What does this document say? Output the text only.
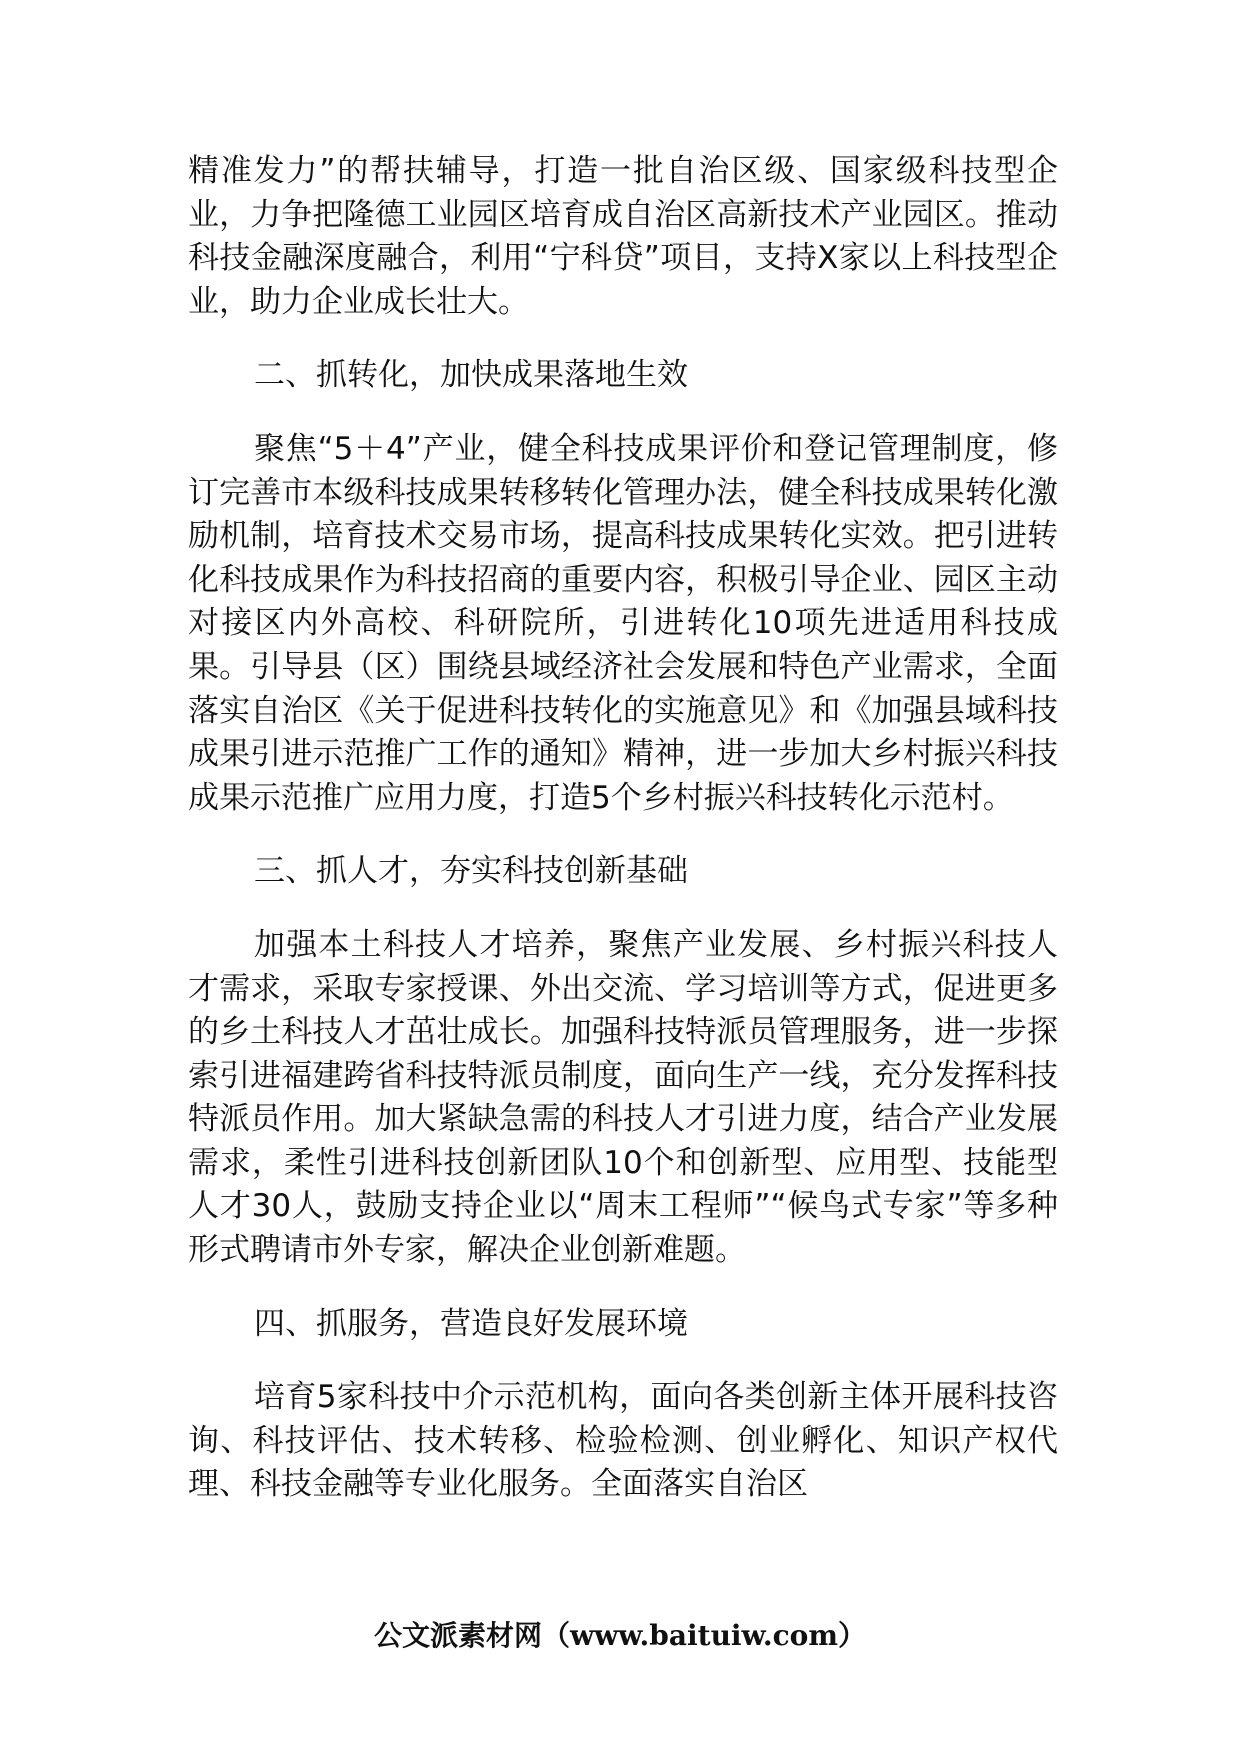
精准发力”的帮扶辅导，打造一批自治区级、国家级科技型企业，力争把隆德工业园区培育成自治区高新技术产业园区。推动科技金融深度融合，利用“宁科贷”项目，支持X家以上科技型企业，助力企业成长壮大。

二、抓转化，加快成果落地生效

聚焦“5＋4”产业，健全科技成果评价和登记管理制度，修订完善市本级科技成果转移转化管理办法，健全科技成果转化激励机制，培育技术交易市场，提高科技成果转化实效。把引进转化科技成果作为科技招商的重要内容，积极引导企业、园区主动对接区内外高校、科研院所，引进转化10项先进适用科技成果。引导县（区）围绕县域经济社会发展和特色产业需求，全面落实自治区《关于促进科技转化的实施意见》和《加强县域科技成果引进示范推广工作的通知》精神，进一步加大乡村振兴科技成果示范推广应用力度，打造5个乡村振兴科技转化示范村。

三、抓人才，夯实科技创新基础

加强本土科技人才培养，聚焦产业发展、乡村振兴科技人才需求，采取专家授课、外出交流、学习培训等方式，促进更多的乡土科技人才茁壮成长。加强科技特派员管理服务，进一步探索引进福建跨省科技特派员制度，面向生产一线，充分发挥科技特派员作用。加大紧缺急需的科技人才引进力度，结合产业发展需求，柔性引进科技创新团队10个和创新型、应用型、技能型人才30人，鼓励支持企业以“周末工程师”“候鸟式专家”等多种形式聘请市外专家，解决企业创新难题。

四、抓服务，营造良好发展环境

培育5家科技中介示范机构，面向各类创新主体开展科技咨询、科技评估、技术转移、检验检测、创业孵化、知识产权代理、科技金融等专业化服务。全面落实自治区

公文派素材网（www.baituiw.com）
